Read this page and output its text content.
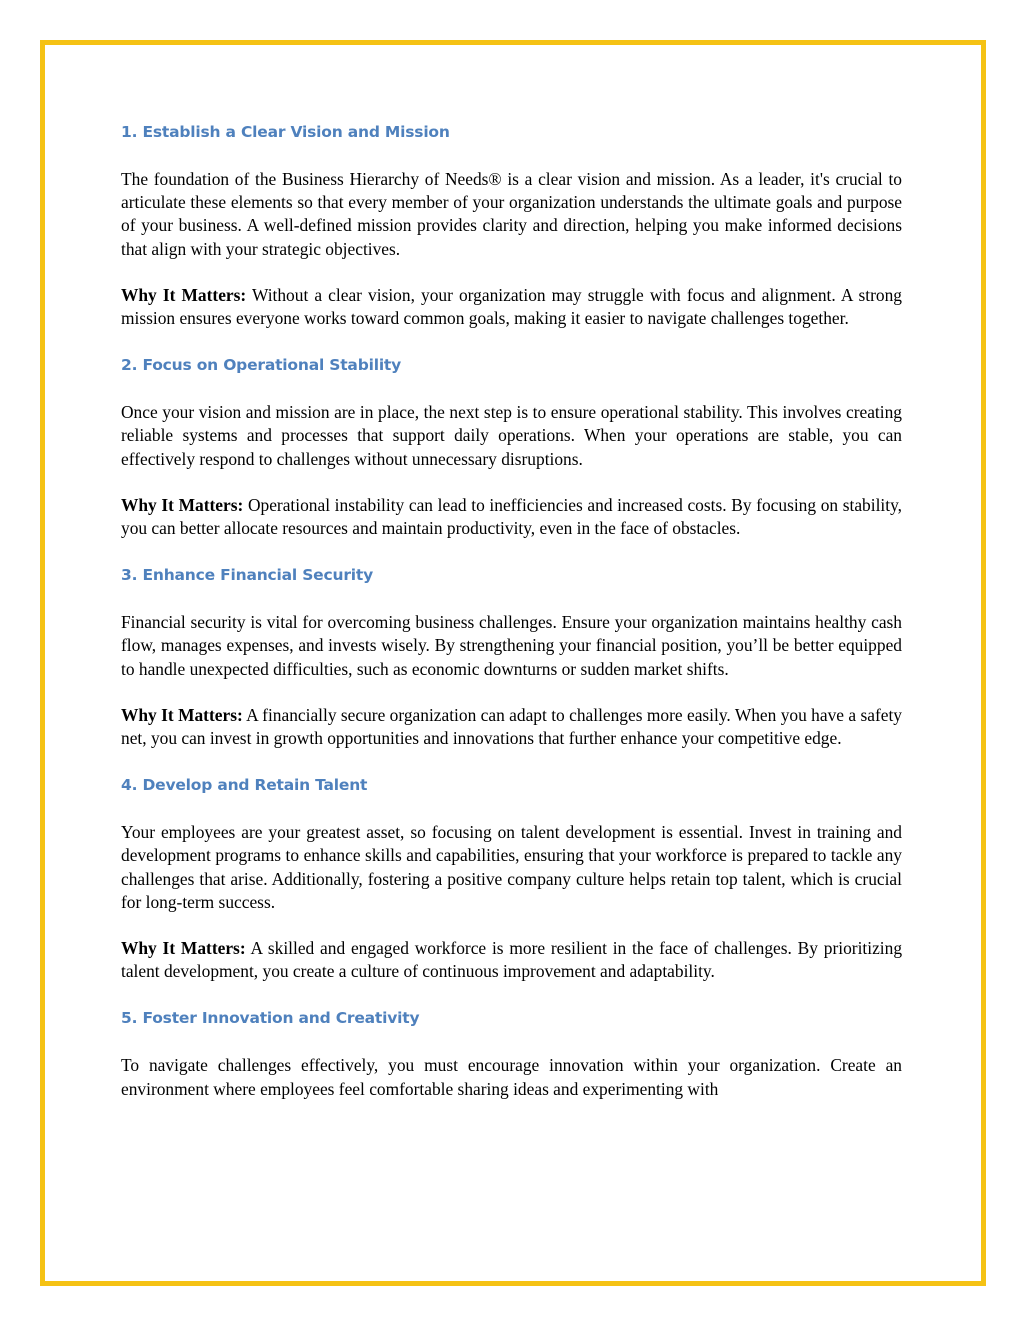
1. Establish a Clear Vision and Mission

The foundation of the Business Hierarchy of Needs® is a clear vision and mission. As a leader, it's crucial to articulate these elements so that every member of your organization understands the ultimate goals and purpose of your business. A well-defined mission provides clarity and direction, helping you make informed decisions that align with your strategic objectives.

Why It Matters: Without a clear vision, your organization may struggle with focus and alignment. A strong mission ensures everyone works toward common goals, making it easier to navigate challenges together.

2. Focus on Operational Stability

Once your vision and mission are in place, the next step is to ensure operational stability. This involves creating reliable systems and processes that support daily operations. When your operations are stable, you can effectively respond to challenges without unnecessary disruptions.

Why It Matters: Operational instability can lead to inefficiencies and increased costs. By focusing on stability, you can better allocate resources and maintain productivity, even in the face of obstacles.

3. Enhance Financial Security

Financial security is vital for overcoming business challenges. Ensure your organization maintains healthy cash flow, manages expenses, and invests wisely. By strengthening your financial position, you’ll be better equipped to handle unexpected difficulties, such as economic downturns or sudden market shifts.

Why It Matters: A financially secure organization can adapt to challenges more easily. When you have a safety net, you can invest in growth opportunities and innovations that further enhance your competitive edge.

4. Develop and Retain Talent

Your employees are your greatest asset, so focusing on talent development is essential. Invest in training and development programs to enhance skills and capabilities, ensuring that your workforce is prepared to tackle any challenges that arise. Additionally, fostering a positive company culture helps retain top talent, which is crucial for long-term success.

Why It Matters: A skilled and engaged workforce is more resilient in the face of challenges. By prioritizing talent development, you create a culture of continuous improvement and adaptability.

5. Foster Innovation and Creativity

To navigate challenges effectively, you must encourage innovation within your organization. Create an environment where employees feel comfortable sharing ideas and experimenting with
